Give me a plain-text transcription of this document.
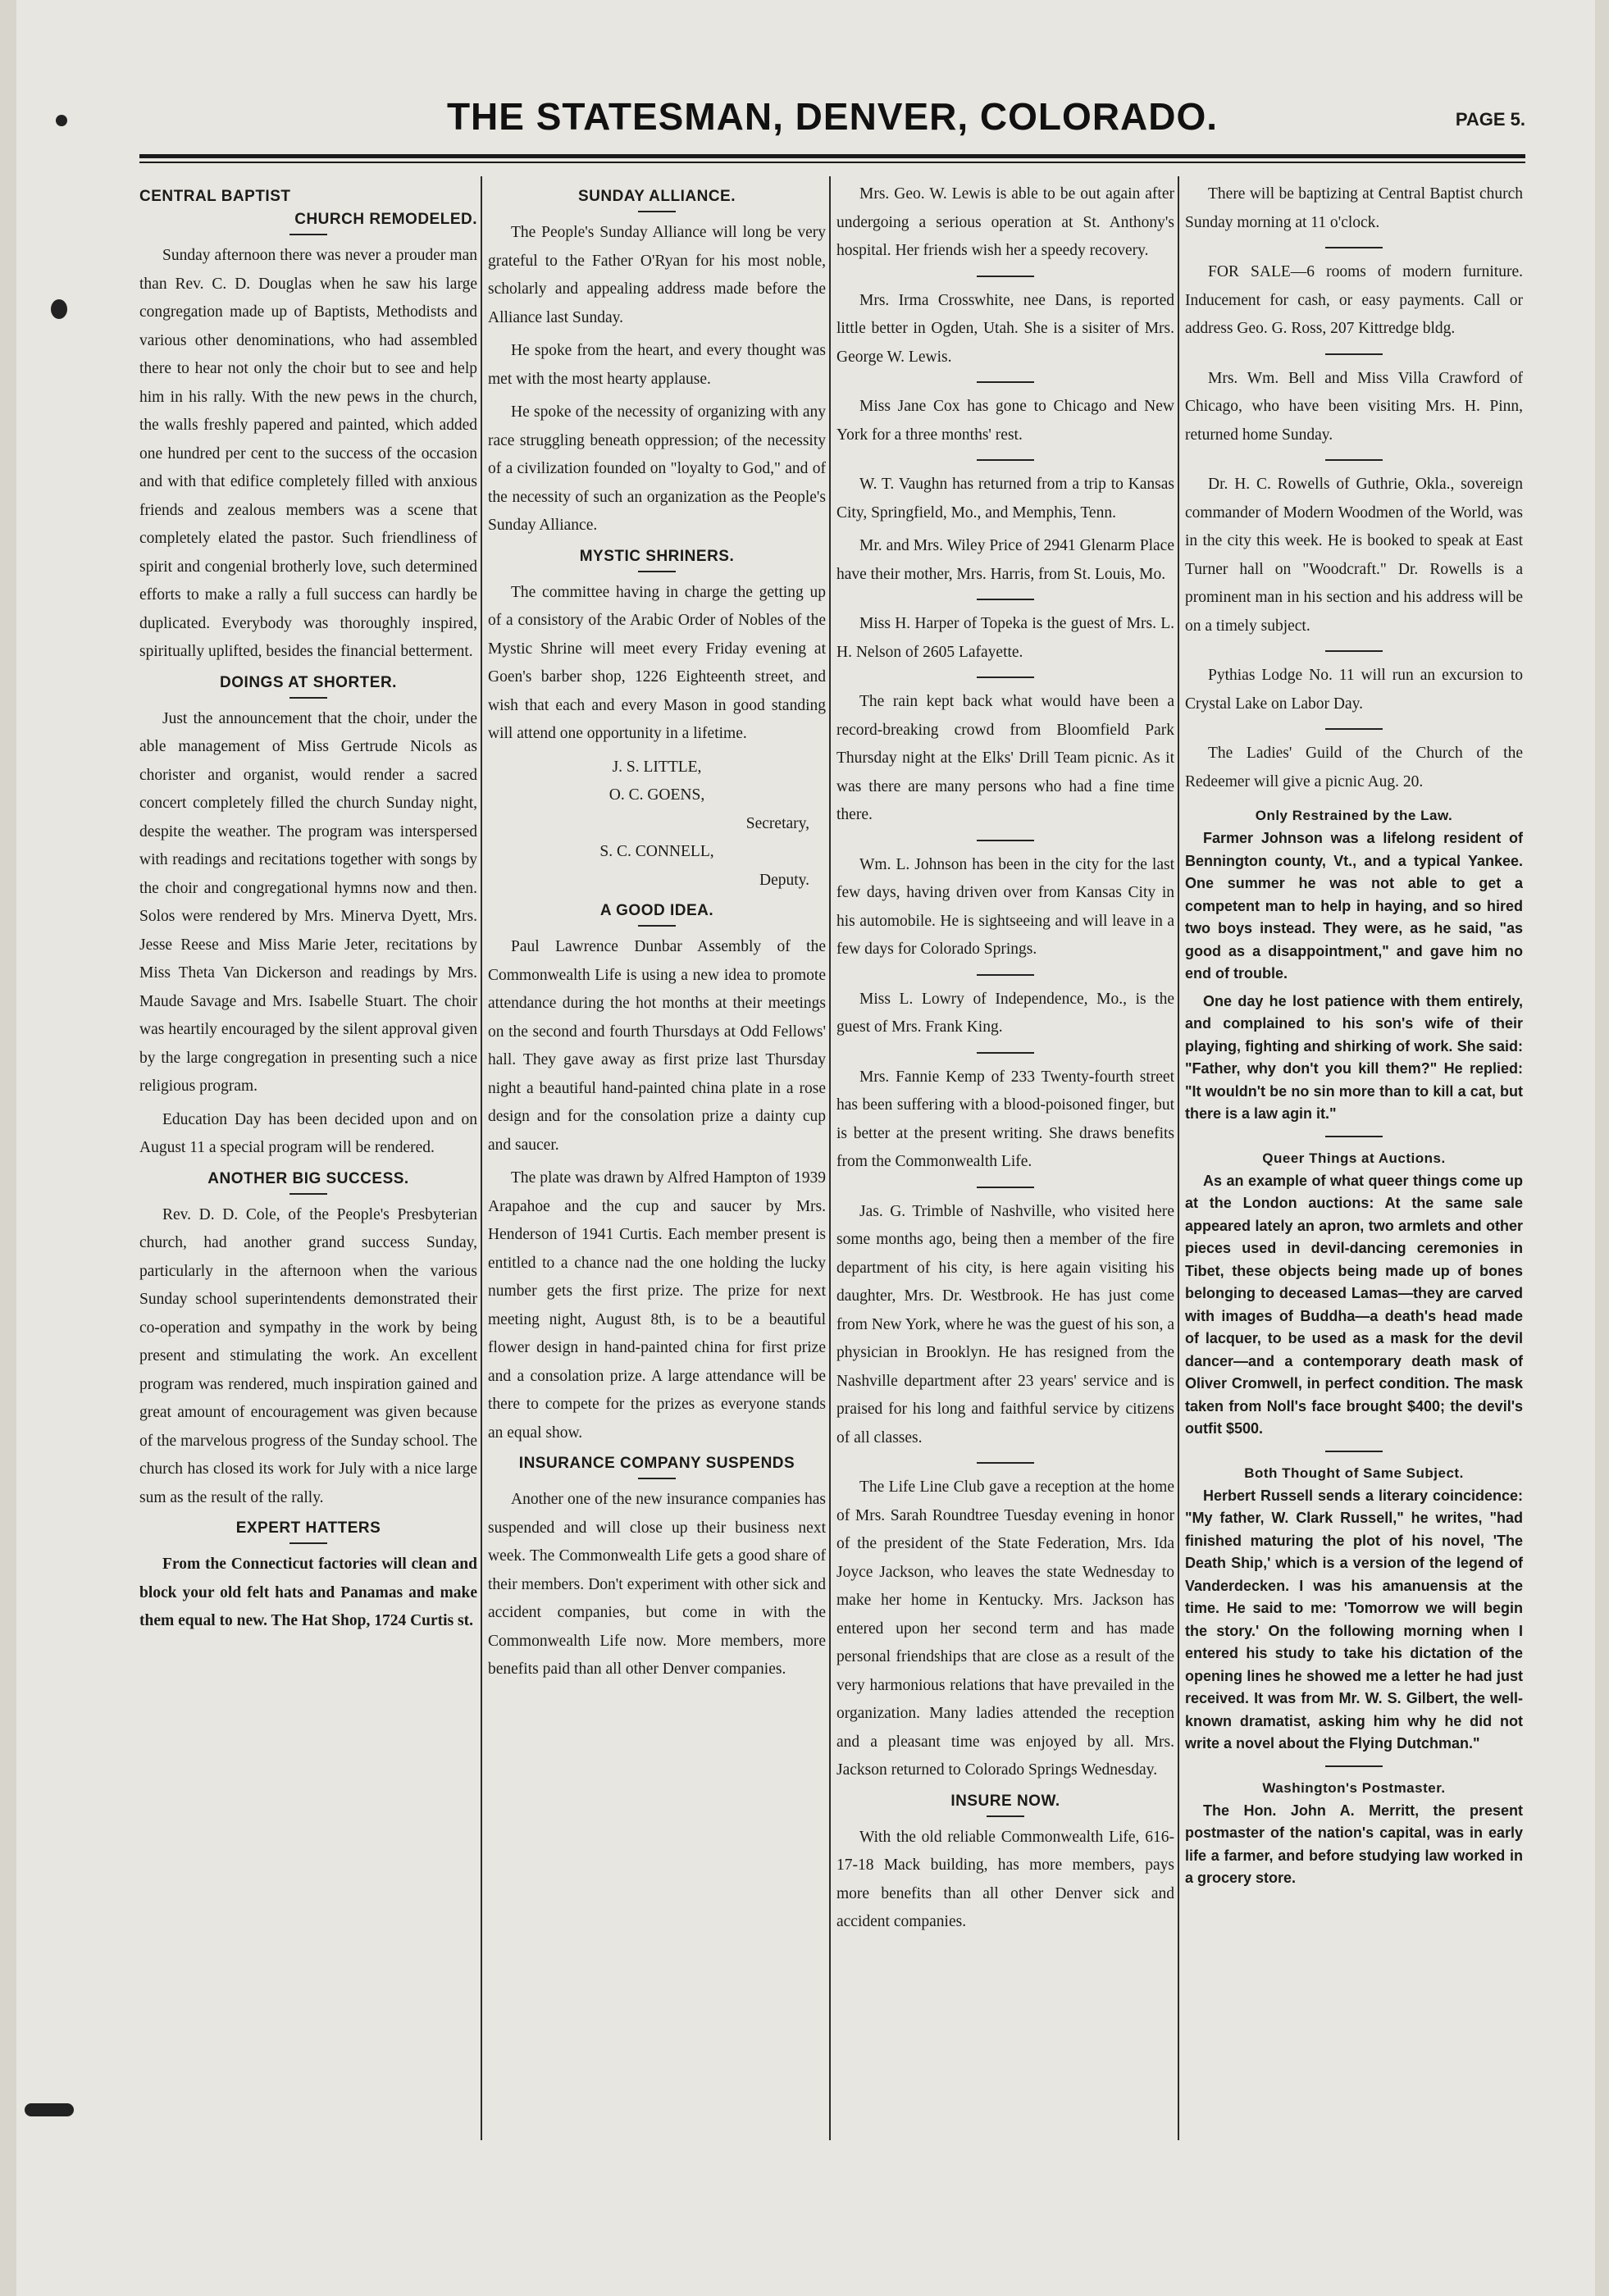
THE STATESMAN, DENVER, COLORADO.	PAGE 5.
CENTRAL BAPTIST
CHURCH REMODELED.

Sunday afternoon there was never a prouder man than Rev. C. D. Douglas when he saw his large congregation made up of Baptists, Methodists and various other denominations, who had assembled there to hear not only the choir but to see and help him in his rally. With the new pews in the church, the walls freshly papered and painted, which added one hundred per cent to the success of the occasion and with that edifice completely filled with anxious friends and zealous members was a scene that completely elated the pastor. Such friendliness of spirit and congenial brotherly love, such determined efforts to make a rally a full success can hardly be duplicated. Everybody was thoroughly inspired, spiritually uplifted, besides the financial betterment.

DOINGS AT SHORTER.

Just the announcement that the choir, under the able management of Miss Gertrude Nicols as chorister and organist, would render a sacred concert completely filled the church Sunday night, despite the weather. The program was interspersed with readings and recitations together with songs by the choir and congregational hymns now and then. Solos were rendered by Mrs. Minerva Dyett, Mrs. Jesse Reese and Miss Marie Jeter, recitations by Miss Theta Van Dickerson and readings by Mrs. Maude Savage and Mrs. Isabelle Stuart. The choir was heartily encouraged by the silent approval given by the large congregation in presenting such a nice religious program.

Education Day has been decided upon and on August 11 a special program will be rendered.

ANOTHER BIG SUCCESS.

Rev. D. D. Cole, of the People's Presbyterian church, had another grand success Sunday, particularly in the afternoon when the various Sunday school superintendents demonstrated their co-operation and sympathy in the work by being present and stimulating the work. An excellent program was rendered, much inspiration gained and great amount of encouragement was given because of the marvelous progress of the Sunday school. The church has closed its work for July with a nice large sum as the result of the rally.

EXPERT HATTERS

From the Connecticut factories will clean and block your old felt hats and Panamas and make them equal to new. The Hat Shop, 1724 Curtis st.

SUNDAY ALLIANCE.

The People's Sunday Alliance will long be very grateful to the Father O'Ryan for his most noble, scholarly and appealing address made before the Alliance last Sunday.

He spoke from the heart, and every thought was met with the most hearty applause.

He spoke of the necessity of organizing with any race struggling beneath oppression; of the necessity of a civilization founded on "loyalty to God," and of the necessity of such an organization as the People's Sunday Alliance.

MYSTIC SHRINERS.

The committee having in charge the getting up of a consistory of the Arabic Order of Nobles of the Mystic Shrine will meet every Friday evening at Goen's barber shop, 1226 Eighteenth street, and wish that each and every Mason in good standing will attend one opportunity in a lifetime.

J. S. LITTLE,

O. C. GOENS,

Secretary,

S. C. CONNELL,

Deputy.

A GOOD IDEA.

Paul Lawrence Dunbar Assembly of the Commonwealth Life is using a new idea to promote attendance during the hot months at their meetings on the second and fourth Thursdays at Odd Fellows' hall. They gave away as first prize last Thursday night a beautiful hand-painted china plate in a rose design and for the consolation prize a dainty cup and saucer.

The plate was drawn by Alfred Hampton of 1939 Arapahoe and the cup and saucer by Mrs. Henderson of 1941 Curtis. Each member present is entitled to a chance nad the one holding the lucky number gets the first prize. The prize for next meeting night, August 8th, is to be a beautiful flower design in hand-painted china for first prize and a consolation prize. A large attendance will be there to compete for the prizes as everyone stands an equal show.

INSURANCE COMPANY SUSPENDS

Another one of the new insurance companies has suspended and will close up their business next week. The Commonwealth Life gets a good share of their members. Don't experiment with other sick and accident companies, but come in with the Commonwealth Life now. More members, more benefits paid than all other Denver companies.

Mrs. Geo. W. Lewis is able to be out again after undergoing a serious operation at St. Anthony's hospital. Her friends wish her a speedy recovery.

Mrs. Irma Crosswhite, nee Dans, is reported little better in Ogden, Utah. She is a sisiter of Mrs. George W. Lewis.

Miss Jane Cox has gone to Chicago and New York for a three months' rest.

W. T. Vaughn has returned from a trip to Kansas City, Springfield, Mo., and Memphis, Tenn.

Mr. and Mrs. Wiley Price of 2941 Glenarm Place have their mother, Mrs. Harris, from St. Louis, Mo.

Miss H. Harper of Topeka is the guest of Mrs. L. H. Nelson of 2605 Lafayette.

The rain kept back what would have been a record-breaking crowd from Bloomfield Park Thursday night at the Elks' Drill Team picnic. As it was there are many persons who had a fine time there.

Wm. L. Johnson has been in the city for the last few days, having driven over from Kansas City in his automobile. He is sightseeing and will leave in a few days for Colorado Springs.

Miss L. Lowry of Independence, Mo., is the guest of Mrs. Frank King.

Mrs. Fannie Kemp of 233 Twenty-fourth street has been suffering with a blood-poisoned finger, but is better at the present writing. She draws benefits from the Commonwealth Life.

Jas. G. Trimble of Nashville, who visited here some months ago, being then a member of the fire department of his city, is here again visiting his daughter, Mrs. Dr. Westbrook. He has just come from New York, where he was the guest of his son, a physician in Brooklyn. He has resigned from the Nashville department after 23 years' service and is praised for his long and faithful service by citizens of all classes.

The Life Line Club gave a reception at the home of Mrs. Sarah Roundtree Tuesday evening in honor of the president of the State Federation, Mrs. Ida Joyce Jackson, who leaves the state Wednesday to make her home in Kentucky. Mrs. Jackson has entered upon her second term and has made personal friendships that are close as a result of the very harmonious relations that have prevailed in the organization. Many ladies attended the reception and a pleasant time was enjoyed by all. Mrs. Jackson returned to Colorado Springs Wednesday.

INSURE NOW.

With the old reliable Commonwealth Life, 616-17-18 Mack building, has more members, pays more benefits than all other Denver sick and accident companies.

There will be baptizing at Central Baptist church Sunday morning at 11 o'clock.

FOR SALE—6 rooms of modern furniture. Inducement for cash, or easy payments. Call or address Geo. G. Ross, 207 Kittredge bldg.

Mrs. Wm. Bell and Miss Villa Crawford of Chicago, who have been visiting Mrs. H. Pinn, returned home Sunday.

Dr. H. C. Rowells of Guthrie, Okla., sovereign commander of Modern Woodmen of the World, was in the city this week. He is booked to speak at East Turner hall on "Woodcraft." Dr. Rowells is a prominent man in his section and his address will be on a timely subject.

Pythias Lodge No. 11 will run an excursion to Crystal Lake on Labor Day.

The Ladies' Guild of the Church of the Redeemer will give a picnic Aug. 20.

Only Restrained by the Law.

Farmer Johnson was a lifelong resident of Bennington county, Vt., and a typical Yankee. One summer he was not able to get a competent man to help in haying, and so hired two boys instead. They were, as he said, "as good as a disappointment," and gave him no end of trouble.

One day he lost patience with them entirely, and complained to his son's wife of their playing, fighting and shirking of work. She said: "Father, why don't you kill them?" He replied: "It wouldn't be no sin more than to kill a cat, but there is a law agin it."

Queer Things at Auctions.

As an example of what queer things come up at the London auctions: At the same sale appeared lately an apron, two armlets and other pieces used in devil-dancing ceremonies in Tibet, these objects being made up of bones belonging to deceased Lamas—they are carved with images of Buddha—a death's head made of lacquer, to be used as a mask for the devil dancer—and a contemporary death mask of Oliver Cromwell, in perfect condition. The mask taken from Noll's face brought $400; the devil's outfit $500.

Both Thought of Same Subject.

Herbert Russell sends a literary coincidence: "My father, W. Clark Russell," he writes, "had finished maturing the plot of his novel, 'The Death Ship,' which is a version of the legend of Vanderdecken. I was his amanuensis at the time. He said to me: 'Tomorrow we will begin the story.' On the following morning when I entered his study to take his dictation of the opening lines he showed me a letter he had just received. It was from Mr. W. S. Gilbert, the well-known dramatist, asking him why he did not write a novel about the Flying Dutchman."

Washington's Postmaster.

The Hon. John A. Merritt, the present postmaster of the nation's capital, was in early life a farmer, and before studying law worked in a grocery store.
